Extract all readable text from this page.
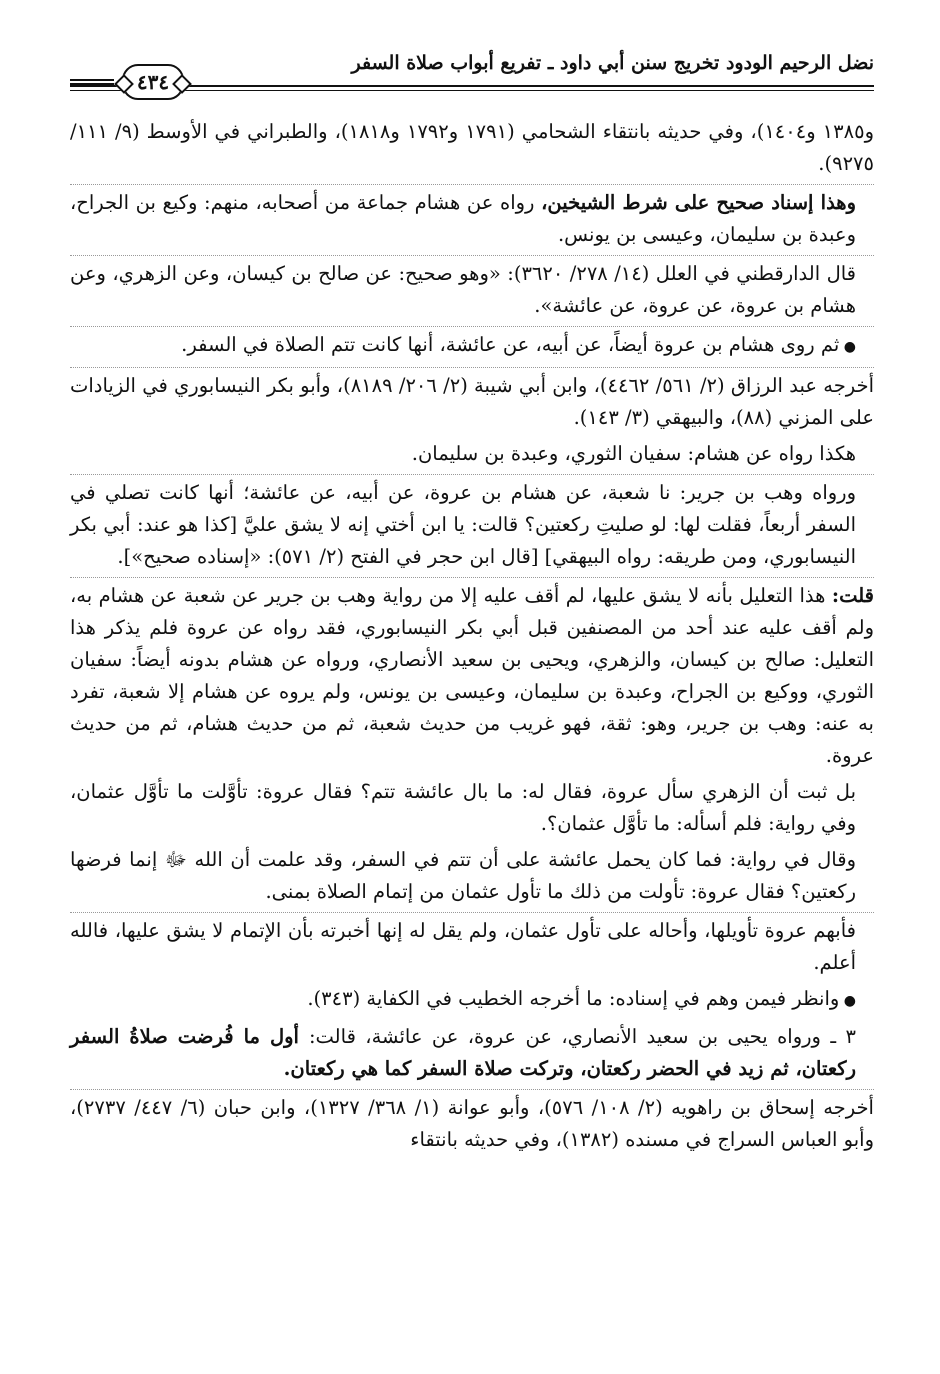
نضل الرحيم الودود تخريج سنن أبي داود ـ تفريع أبواب صلاة السفر
٤٣٤

و١٣٨٥ و١٤٠٤)، وفي حديثه بانتقاء الشحامي (١٧٩١ و١٧٩٢ و١٨١٨)، والطبراني في الأوسط (٩/ ١١١/ ٩٢٧٥).

وهذا إسناد صحيح على شرط الشيخين، رواه عن هشام جماعة من أصحابه، منهم: وكيع بن الجراح، وعبدة بن سليمان، وعيسى بن يونس.

قال الدارقطني في العلل (١٤/ ٢٧٨/ ٣٦٢٠): «وهو صحيح: عن صالح بن كيسان، وعن الزهري، وعن هشام بن عروة، عن عروة، عن عائشة».

● ثم روى هشام بن عروة أيضاً، عن أبيه، عن عائشة، أنها كانت تتم الصلاة في السفر.

أخرجه عبد الرزاق (٢/ ٥٦١/ ٤٤٦٢)، وابن أبي شيبة (٢/ ٢٠٦/ ٨١٨٩)، وأبو بكر النيسابوري في الزيادات على المزني (٨٨)، والبيهقي (٣/ ١٤٣).

هكذا رواه عن هشام: سفيان الثوري، وعبدة بن سليمان.

ورواه وهب بن جرير: نا شعبة، عن هشام بن عروة، عن أبيه، عن عائشة؛ أنها كانت تصلي في السفر أربعاً، فقلت لها: لو صليتِ ركعتين؟ قالت: يا ابن أختي إنه لا يشق عليَّ [كذا هو عند: أبي بكر النيسابوري، ومن طريقه: رواه البيهقي] [قال ابن حجر في الفتح (٢/ ٥٧١): «إسناده صحيح»].

قلت: هذا التعليل بأنه لا يشق عليها، لم أقف عليه إلا من رواية وهب بن جرير عن شعبة عن هشام به، ولم أقف عليه عند أحد من المصنفين قبل أبي بكر النيسابوري، فقد رواه عن عروة فلم يذكر هذا التعليل: صالح بن كيسان، والزهري، ويحيى بن سعيد الأنصاري، ورواه عن هشام بدونه أيضاً: سفيان الثوري، ووكيع بن الجراح، وعبدة بن سليمان، وعيسى بن يونس، ولم يروه عن هشام إلا شعبة، تفرد به عنه: وهب بن جرير، وهو: ثقة، فهو غريب من حديث شعبة، ثم من حديث هشام، ثم من حديث عروة.

بل ثبت أن الزهري سأل عروة، فقال له: ما بال عائشة تتم؟ فقال عروة: تأوَّلت ما تأوَّل عثمان، وفي رواية: فلم أسأله: ما تأوَّل عثمان؟.

وقال في رواية: فما كان يحمل عائشة على أن تتم في السفر، وقد علمت أن الله ﷻ إنما فرضها ركعتين؟ فقال عروة: تأولت من ذلك ما تأول عثمان من إتمام الصلاة بمنى.

فأبهم عروة تأويلها، وأحاله على تأول عثمان، ولم يقل له إنها أخبرته بأن الإتمام لا يشق عليها، فالله أعلم.

● وانظر فيمن وهم في إسناده: ما أخرجه الخطيب في الكفاية (٣٤٣).

٣ ـ ورواه يحيى بن سعيد الأنصاري، عن عروة، عن عائشة، قالت: أول ما فُرضت صلاةُ السفر ركعتان، ثم زيد في الحضر ركعتان، وتركت صلاة السفر كما هي ركعتان.

أخرجه إسحاق بن راهويه (٢/ ١٠٨/ ٥٧٦)، وأبو عوانة (١/ ٣٦٨/ ١٣٢٧)، وابن حبان (٦/ ٤٤٧/ ٢٧٣٧)، وأبو العباس السراج في مسنده (١٣٨٢)، وفي حديثه بانتقاء
